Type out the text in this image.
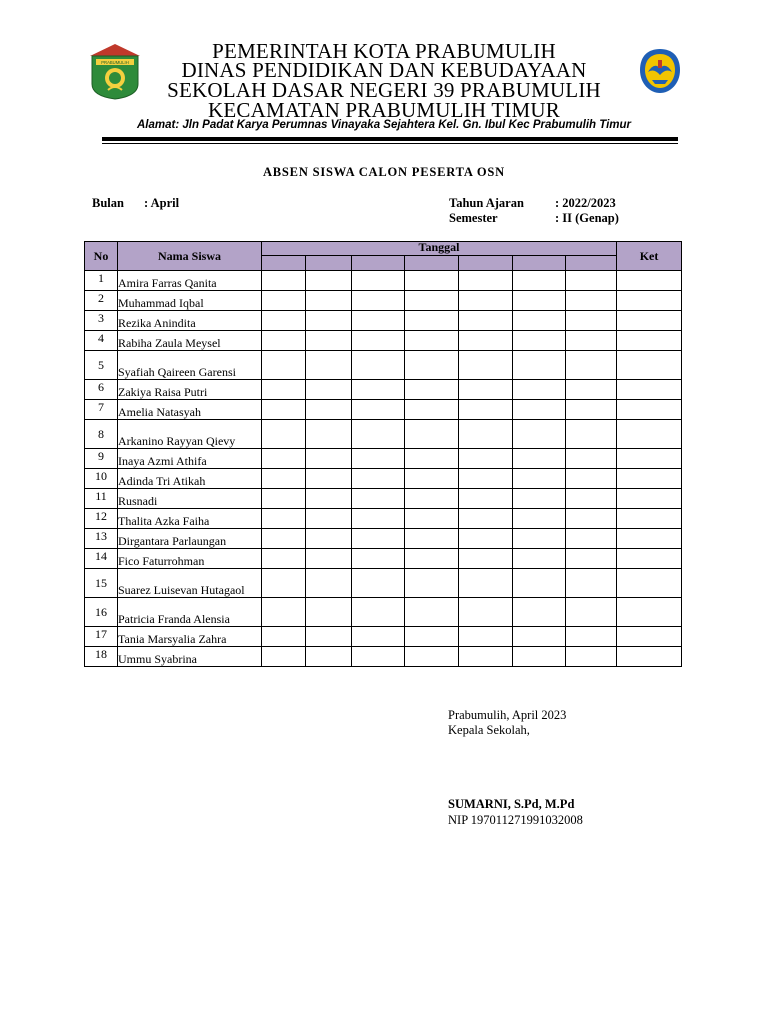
PRABUMULIH	PEMERINTAH KOTA PRABUMULIH
DINAS PENDIDIKAN DAN KEBUDAYAAN
SEKOLAH DASAR NEGERI 39 PRABUMULIH
KECAMATAN PRABUMULIH TIMUR
Alamat: Jln Padat Karya Perumnas Vinayaka Sejahtera Kel. Gn. Ibul Kec Prabumulih Timur
ABSEN SISWA CALON PESERTA OSN
Bulan : April	Tahun Ajaran : 2022/2023
Semester	: II (Genap)
No	Nama Siswa	Tanggal							Ket

1	Amira Farras Qanita								
2	Muhammad Iqbal								
3	Rezika Anindita								
4	Rabiha Zaula Meysel								
5	Syafiah Qaireen Garensi								
6	Zakiya Raisa Putri								
7	Amelia Natasyah								
8	Arkanino Rayyan Qievy								
9	Inaya Azmi Athifa								
10	Adinda Tri Atikah								
11	Rusnadi								
12	Thalita Azka Faiha								
13	Dirgantara Parlaungan								
14	Fico Faturrohman								
15	Suarez Luisevan Hutagaol								
16	Patricia Franda Alensia								
17	Tania Marsyalia Zahra								
18	Ummu Syabrina								
Prabumulih, April 2023
Kepala Sekolah,
SUMARNI, S.Pd, M.Pd
NIP 197011271991032008
